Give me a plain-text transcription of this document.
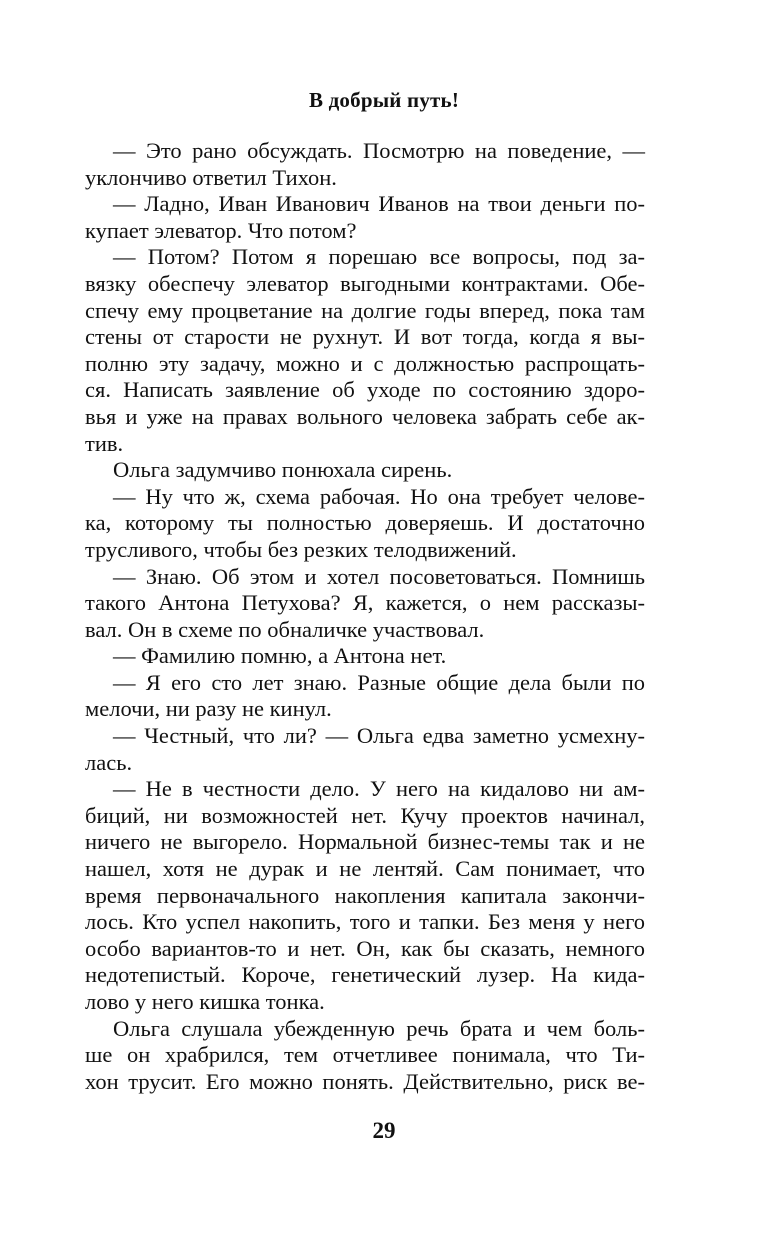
В добрый путь!
— Это рано обсуждать. Посмотрю на поведение, —
уклончиво ответил Тихон.
— Ладно, Иван Иванович Иванов на твои деньги по-
купает элеватор. Что потом?
— Потом? Потом я порешаю все вопросы, под за-
вязку обеспечу элеватор выгодными контрактами. Обе-
спечу ему процветание на долгие годы вперед, пока там
стены от старости не рухнут. И вот тогда, когда я вы-
полню эту задачу, можно и с должностью распрощать-
ся. Написать заявление об уходе по состоянию здоро-
вья и уже на правах вольного человека забрать себе ак-
тив.
Ольга задумчиво понюхала сирень.
— Ну что ж, схема рабочая. Но она требует челове-
ка, которому ты полностью доверяешь. И достаточно
трусливого, чтобы без резких телодвижений.
— Знаю. Об этом и хотел посоветоваться. Помнишь
такого Антона Петухова? Я, кажется, о нем рассказы-
вал. Он в схеме по обналичке участвовал.
— Фамилию помню, а Антона нет.
— Я его сто лет знаю. Разные общие дела были по
мелочи, ни разу не кинул.
— Честный, что ли? — Ольга едва заметно усмехну-
лась.
— Не в честности дело. У него на кидалово ни ам-
биций, ни возможностей нет. Кучу проектов начинал,
ничего не выгорело. Нормальной бизнес-темы так и не
нашел, хотя не дурак и не лентяй. Сам понимает, что
время первоначального накопления капитала закончи-
лось. Кто успел накопить, того и тапки. Без меня у него
особо вариантов-то и нет. Он, как бы сказать, немного
недотепистый. Короче, генетический лузер. На кида-
лово у него кишка тонка.
Ольга слушала убежденную речь брата и чем боль-
ше он храбрился, тем отчетливее понимала, что Ти-
хон трусит. Его можно понять. Действительно, риск ве-
29
